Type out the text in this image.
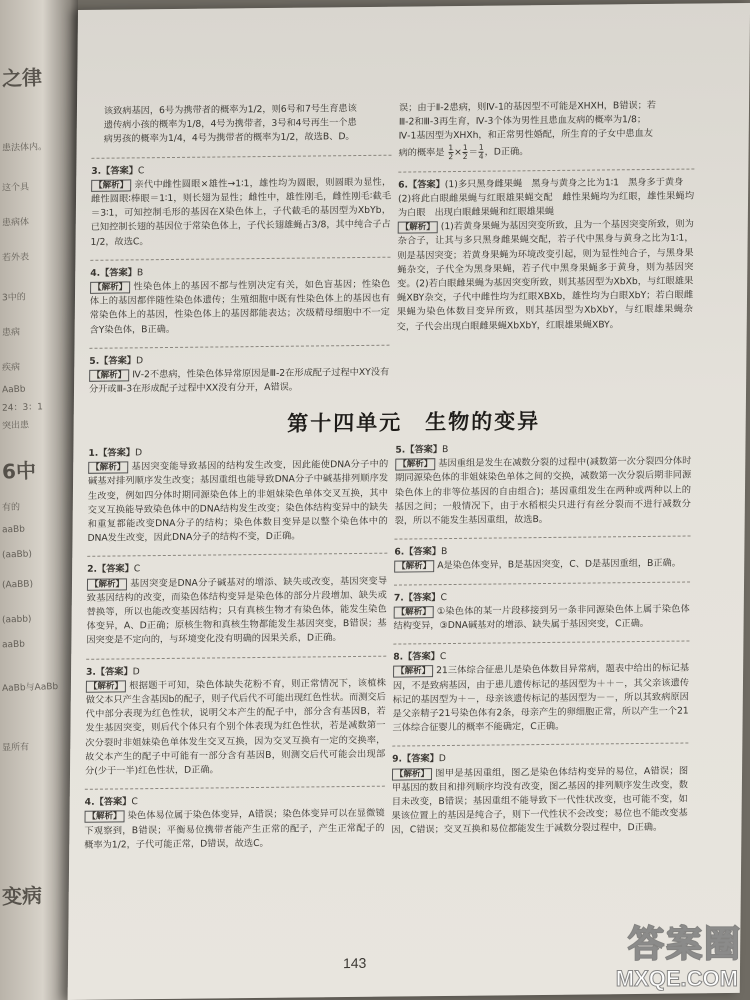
之律
患法体内。
这个具
患病体
若外表
3中的
患病
疾病
AaBb
24：3：1
突出患
6中
有的
aaBb
(aaBb)
(AaBB)
(aabb)
aaBb
AaBb与AaBb
显所有
变病

该致病基因，6号为携带者的概率为1/2，则6号和7号生育患该

遗传病小孩的概率为1/8，4号为携带者，3号和4号再生一个患

病男孩的概率为1/4，4号为携带者的概率为1/2，故选B、D。

3.【答案】C

【解析】 亲代中雌性圆眼×雄性→1∶1，雄性均为圆眼，则圆眼为显性，雌性圆眼∶棒眼＝1∶1，则长翅为显性；雌性中，雄性刚毛，雌性刚毛∶截毛＝3∶1，可知控制毛形的基因在X染色体上，子代截毛的基因型为XbYb，已知控制长翅的基因位于常染色体上，子代长翅雄蝇占3/8，其中纯合子占1/2，故选C。

4.【答案】B

【解析】 性染色体上的基因不都与性别决定有关，如色盲基因；性染色体上的基因都伴随性染色体遗传；生殖细胞中既有性染色体上的基因也有常染色体上的基因，性染色体上的基因都能表达；次级精母细胞中不一定含Y染色体，B正确。

5.【答案】D

【解析】 Ⅳ-2不患病，性染色体异常原因是Ⅲ-2在形成配子过程中XY没有分开或Ⅲ-3在形成配子过程中XX没有分开，A错误。

误；由于Ⅱ-2患病，则Ⅳ-1的基因型不可能是XHXH，B错误；若

Ⅲ-2和Ⅲ-3再生育，Ⅳ-3个体为男性且患血友病的概率为1/8；

Ⅳ-1基因型为XHXh，和正常男性婚配，所生育的子女中患血友

病的概率是 $\frac{1}{2} \times \frac{1}{2} = \frac{1}{4}$ ，D正确。

6.【答案】(1)多只黑身雌果蝇　黑身与黄身之比为1∶1　黑身多于黄身

(2)将此白眼雌果蝇与红眼雄果蝇交配　雌性果蝇均为红眼，雄性果蝇均为白眼　出现白眼雌果蝇和红眼雄果蝇

【解析】 (1)若黄身果蝇为基因突变所致，且为一个基因突变所致，则为杂合子，让其与多只黑身雌果蝇交配，若子代中黑身与黄身之比为1∶1，则是基因突变；若黄身果蝇为环境改变引起，则为显性纯合子，与黑身果蝇杂交，子代全为黑身果蝇，若子代中黑身果蝇多于黄身，则为基因突变。(2)若白眼雌果蝇为基因突变所致，则其基因型为XbXb，与红眼雄果蝇XBY杂交，子代中雌性均为红眼XBXb，雄性均为白眼XbY；若白眼雌果蝇为染色体数目变异所致，则其基因型为XbXbY，与红眼雄果蝇杂交，子代会出现白眼雌果蝇XbXbY，红眼雄果蝇XBY。

第十四单元　生物的变异

1.【答案】D

【解析】 基因突变能导致基因的结构发生改变，因此能使DNA分子中的碱基对排列顺序发生改变；基因重组也能导致DNA分子中碱基排列顺序发生改变，例如四分体时期同源染色体上的非姐妹染色单体交叉互换，其中交叉互换能导致染色体中的DNA结构发生改变；染色体结构变异中的缺失和重复都能改变DNA分子的结构；染色体数目变异是以整个染色体中的DNA发生改变，因此DNA分子的结构不变，D正确。

2.【答案】C

【解析】 基因突变是DNA分子碱基对的增添、缺失或改变，基因突变导致基因结构的改变，而染色体结构变异是染色体的部分片段增加、缺失或替换等，所以也能改变基因结构；只有真核生物才有染色体，能发生染色体变异，A、D正确；原核生物和真核生物都能发生基因突变，B错误；基因突变是不定向的，与环境变化没有明确的因果关系，D正确。

3.【答案】D

【解析】 根据题干可知，染色体缺失花粉不育，则正常情况下，该植株做父本只产生含基因b的配子，则子代后代不可能出现红色性状。而测交后代中部分表现为红色性状，说明父本产生的配子中，部分含有基因B，若发生基因突变，则后代个体只有个别个体表现为红色性状，若是减数第一次分裂时非姐妹染色单体发生交叉互换，因为交叉互换有一定的交换率，故父本产生的配子中可能有一部分含有基因B，则测交后代可能会出现部分(少于一半)红色性状，D正确。

4.【答案】C

【解析】 染色体易位属于染色体变异，A错误；染色体变异可以在显微镜下观察到，B错误；平衡易位携带者能产生正常的配子，产生正常配子的概率为1/2，子代可能正常，D错误，故选C。

5.【答案】B

【解析】 基因重组是发生在减数分裂的过程中(减数第一次分裂四分体时期同源染色体的非姐妹染色单体之间的交换，减数第一次分裂后期非同源染色体上的非等位基因的自由组合)；基因重组发生在两种或两种以上的基因之间；一般情况下，由于水稻根尖只进行有丝分裂而不进行减数分裂，所以不能发生基因重组，故选B。

6.【答案】B

【解析】 A是染色体变异，B是基因突变，C、D是基因重组，B正确。

7.【答案】C

【解析】 ①染色体的某一片段移接到另一条非同源染色体上属于染色体结构变异，③DNA碱基对的增添、缺失属于基因突变，C正确。

8.【答案】C

【解析】 21三体综合征患儿是染色体数目异常病，题表中给出的标记基因，不是致病基因，由于患儿遗传标记的基因型为＋＋－，其父亲该遗传标记的基因型为＋－，母亲该遗传标记的基因型为－－，所以其致病原因是父亲精子21号染色体有2条，母亲产生的卵细胞正常，所以产生一个21三体综合征婴儿的概率不能确定，C正确。

9.【答案】D

【解析】 图甲是基因重组，图乙是染色体结构变异的易位，A错误；图甲基因的数目和排列顺序均没有改变，图乙基因的排列顺序发生改变，数目未改变，B错误；基因重组不能导致下一代性状改变，也可能不变，如果该位置上的基因是纯合子，则下一代性状不会改变；易位也不能改变基因，C错误；交叉互换和易位都能发生于减数分裂过程中，D正确。

143	答案圈
MXQE.COM
